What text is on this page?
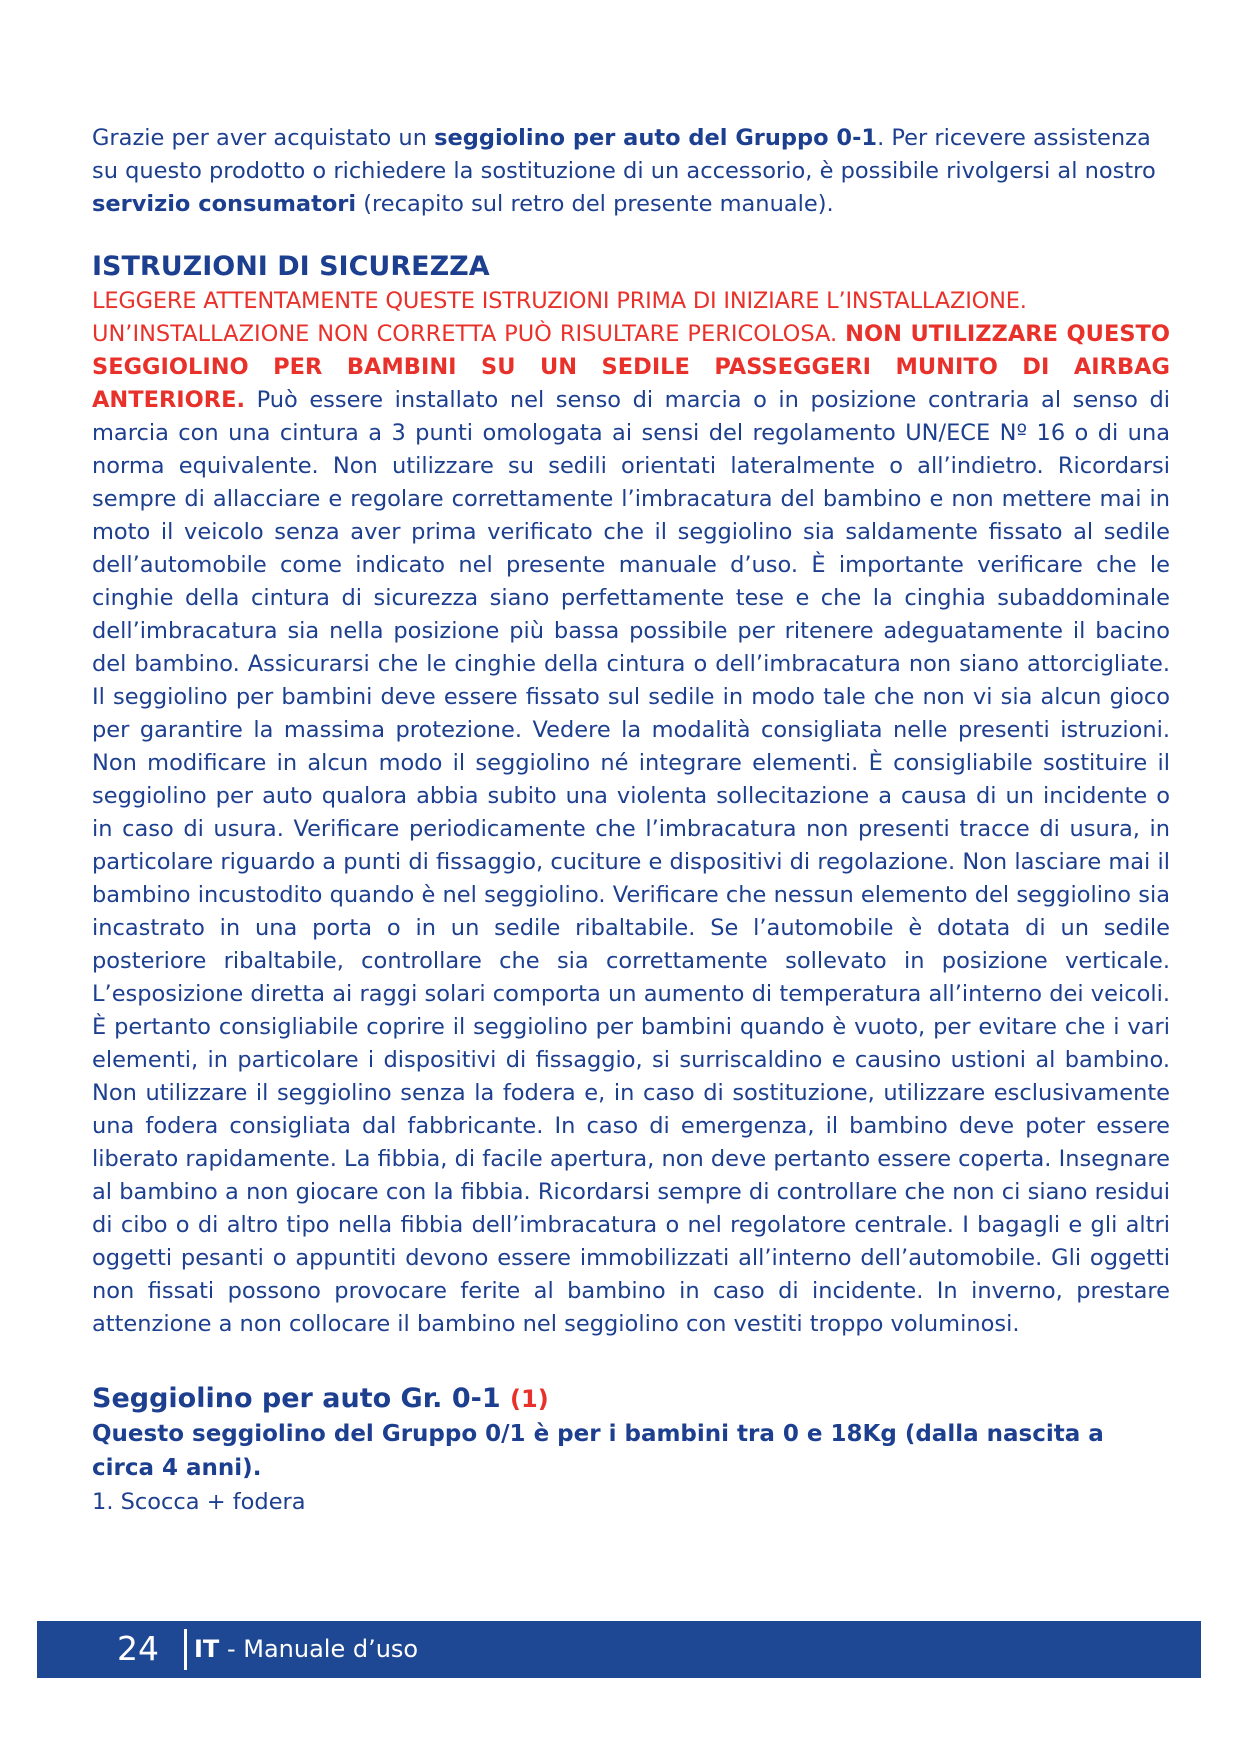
Grazie per aver acquistato un seggiolino per auto del Gruppo 0-1. Per ricevere assistenza su questo prodotto o richiedere la sostituzione di un accessorio, è possibile rivolgersi al nostro servizio consumatori (recapito sul retro del presente manuale).

ISTRUZIONI DI SICUREZZA

LEGGERE ATTENTAMENTE QUESTE ISTRUZIONI PRIMA DI INIZIARE L’INSTALLAZIONE.

UN’INSTALLAZIONE NON CORRETTA PUÒ RISULTARE PERICOLOSA. NON UTILIZZARE QUESTO SEGGIOLINO PER BAMBINI SU UN SEDILE PASSEGGERI MUNITO DI AIRBAG ANTERIORE. Può essere installato nel senso di marcia o in posizione contraria al senso di marcia con una cintura a 3 punti omologata ai sensi del regolamento UN/ECE Nº 16 o di una norma equivalente. Non utilizzare su sedili orientati lateralmente o all’indietro. Ricordarsi sempre di allacciare e regolare correttamente l’imbracatura del bambino e non mettere mai in moto il veicolo senza aver prima verificato che il seggiolino sia saldamente fissato al sedile dell’automobile come indicato nel presente manuale d’uso. È importante verificare che le cinghie della cintura di sicurezza siano perfettamente tese e che la cinghia subaddominale dell’imbracatura sia nella posizione più bassa possibile per ritenere adeguatamente il bacino del bambino. Assicurarsi che le cinghie della cintura o dell’imbracatura non siano attorcigliate. Il seggiolino per bambini deve essere fissato sul sedile in modo tale che non vi sia alcun gioco per garantire la massima protezione. Vedere la modalità consigliata nelle presenti istruzioni. Non modificare in alcun modo il seggiolino né integrare elementi. È consigliabile sostituire il seggiolino per auto qualora abbia subito una violenta sollecitazione a causa di un incidente o in caso di usura. Verificare periodicamente che l’imbracatura non presenti tracce di usura, in particolare riguardo a punti di fissaggio, cuciture e dispositivi di regolazione. Non lasciare mai il bambino incustodito quando è nel seggiolino. Verificare che nessun elemento del seggiolino sia incastrato in una porta o in un sedile ribaltabile. Se l’automobile è dotata di un sedile posteriore ribaltabile, controllare che sia correttamente sollevato in posizione verticale. L’esposizione diretta ai raggi solari comporta un aumento di temperatura all’interno dei veicoli. È pertanto consigliabile coprire il seggiolino per bambini quando è vuoto, per evitare che i vari elementi, in particolare i dispositivi di fissaggio, si surriscaldino e causino ustioni al bambino. Non utilizzare il seggiolino senza la fodera e, in caso di sostituzione, utilizzare esclusivamente una fodera consigliata dal fabbricante. In caso di emergenza, il bambino deve poter essere liberato rapidamente. La fibbia, di facile apertura, non deve pertanto essere coperta. Insegnare al bambino a non giocare con la fibbia. Ricordarsi sempre di controllare che non ci siano residui di cibo o di altro tipo nella fibbia dell’imbracatura o nel regolatore centrale. I bagagli e gli altri oggetti pesanti o appuntiti devono essere immobilizzati all’interno dell’automobile. Gli oggetti non fissati possono provocare ferite al bambino in caso di incidente. In inverno, prestare attenzione a non collocare il bambino nel seggiolino con vestiti troppo voluminosi.

Seggiolino per auto Gr. 0-1 (1)

Questo seggiolino del Gruppo 0/1 è per i bambini tra 0 e 18Kg (dalla nascita a circa 4 anni).

1. Scocca + fodera

24 IT - Manuale d’uso
